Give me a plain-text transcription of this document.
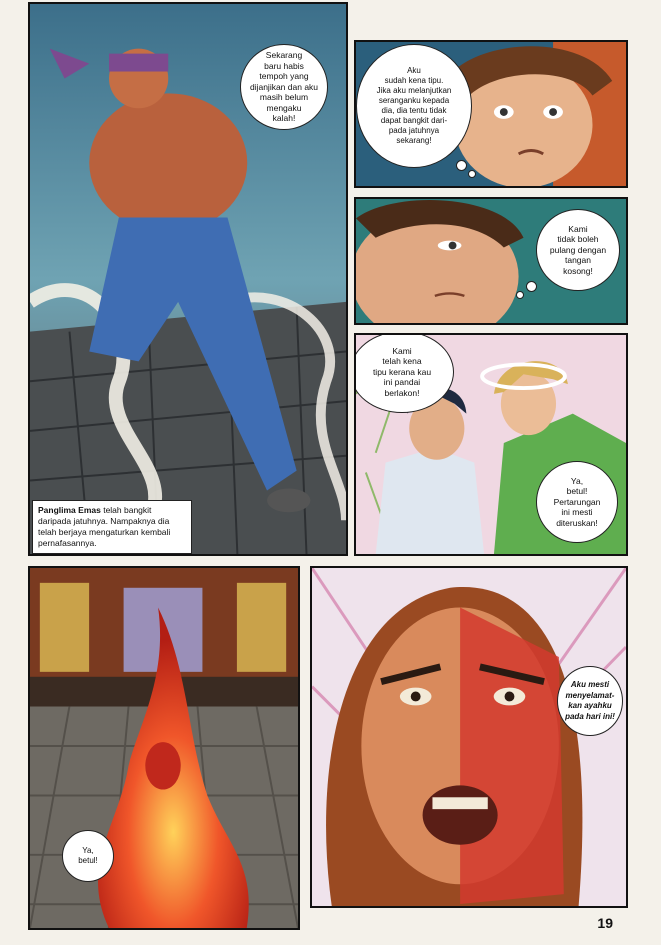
Sekarang
baru habis
tempoh yang
dijanjikan dan aku
masih belum
mengaku
kalah!
Panglima Emas telah bangkit daripada jatuhnya. Nampaknya dia telah berjaya mengaturkan kembali pernafasannya.
Aku
sudah kena tipu.
Jika aku melanjutkan
seranganku kepada
dia, dia tentu tidak
dapat bangkit dari-
pada jatuhnya
sekarang!
Kami
tidak boleh
pulang dengan
tangan
kosong!
Kami
telah kena
tipu kerana kau
ini pandai
berlakon!
Ya,
betul!
Pertarungan
ini mesti
diteruskan!
Ya,
betul!
Aku mesti
menyelamat-
kan ayahku
pada hari ini!
19
